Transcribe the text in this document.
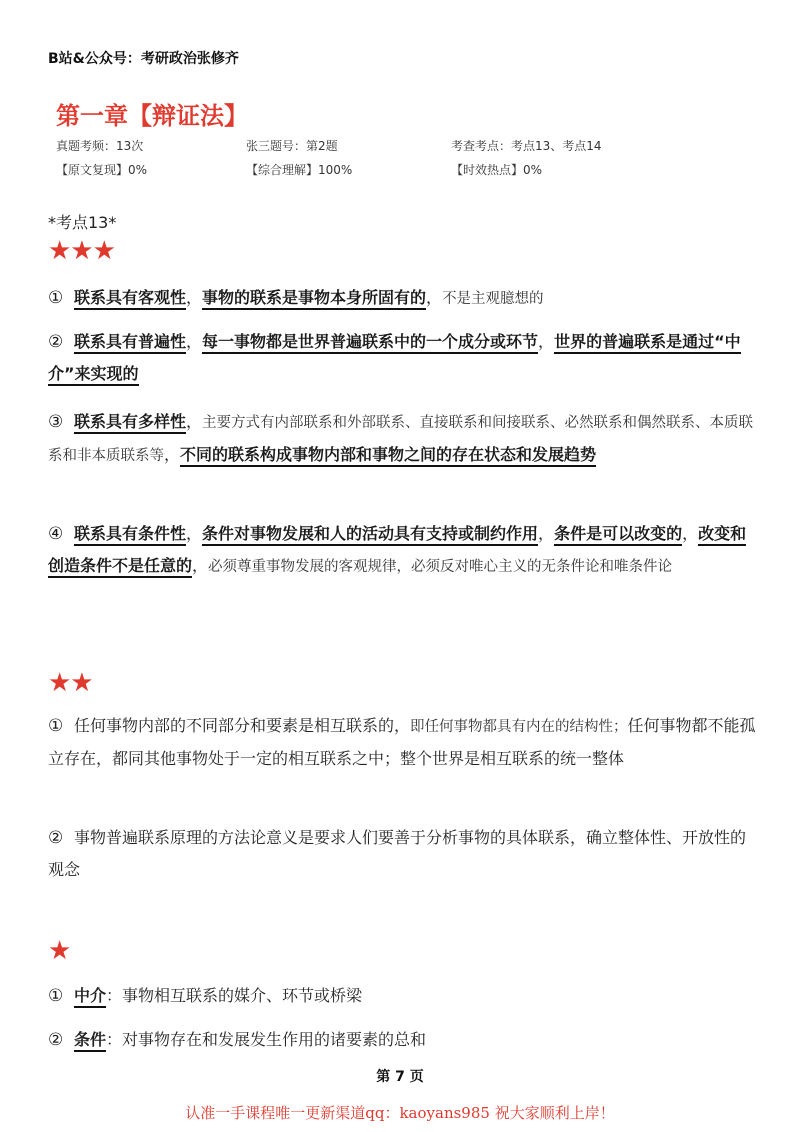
B站&公众号：考研政治张修齐
第一章【辩证法】
真题考频：13次	张三题号：第2题	考查考点：考点13、考点14
【原文复现】0%	【综合理解】100%	【时效热点】0%
*考点13*
★★★
① 联系具有客观性，事物的联系是事物本身所固有的，不是主观臆想的
② 联系具有普遍性，每一事物都是世界普遍联系中的一个成分或环节，世界的普遍联系是通过“中介”来实现的
③ 联系具有多样性，主要方式有内部联系和外部联系、直接联系和间接联系、必然联系和偶然联系、本质联系和非本质联系等，不同的联系构成事物内部和事物之间的存在状态和发展趋势
④ 联系具有条件性，条件对事物发展和人的活动具有支持或制约作用，条件是可以改变的，改变和创造条件不是任意的，必须尊重事物发展的客观规律，必须反对唯心主义的无条件论和唯条件论
★★
① 任何事物内部的不同部分和要素是相互联系的，即任何事物都具有内在的结构性；任何事物都不能孤立存在，都同其他事物处于一定的相互联系之中；整个世界是相互联系的统一整体
② 事物普遍联系原理的方法论意义是要求人们要善于分析事物的具体联系，确立整体性、开放性的观念
★
① 中介：事物相互联系的媒介、环节或桥梁
② 条件：对事物存在和发展发生作用的诸要素的总和
第 7 页
认准一手课程唯一更新渠道qq：kaoyans985 祝大家顺利上岸！
